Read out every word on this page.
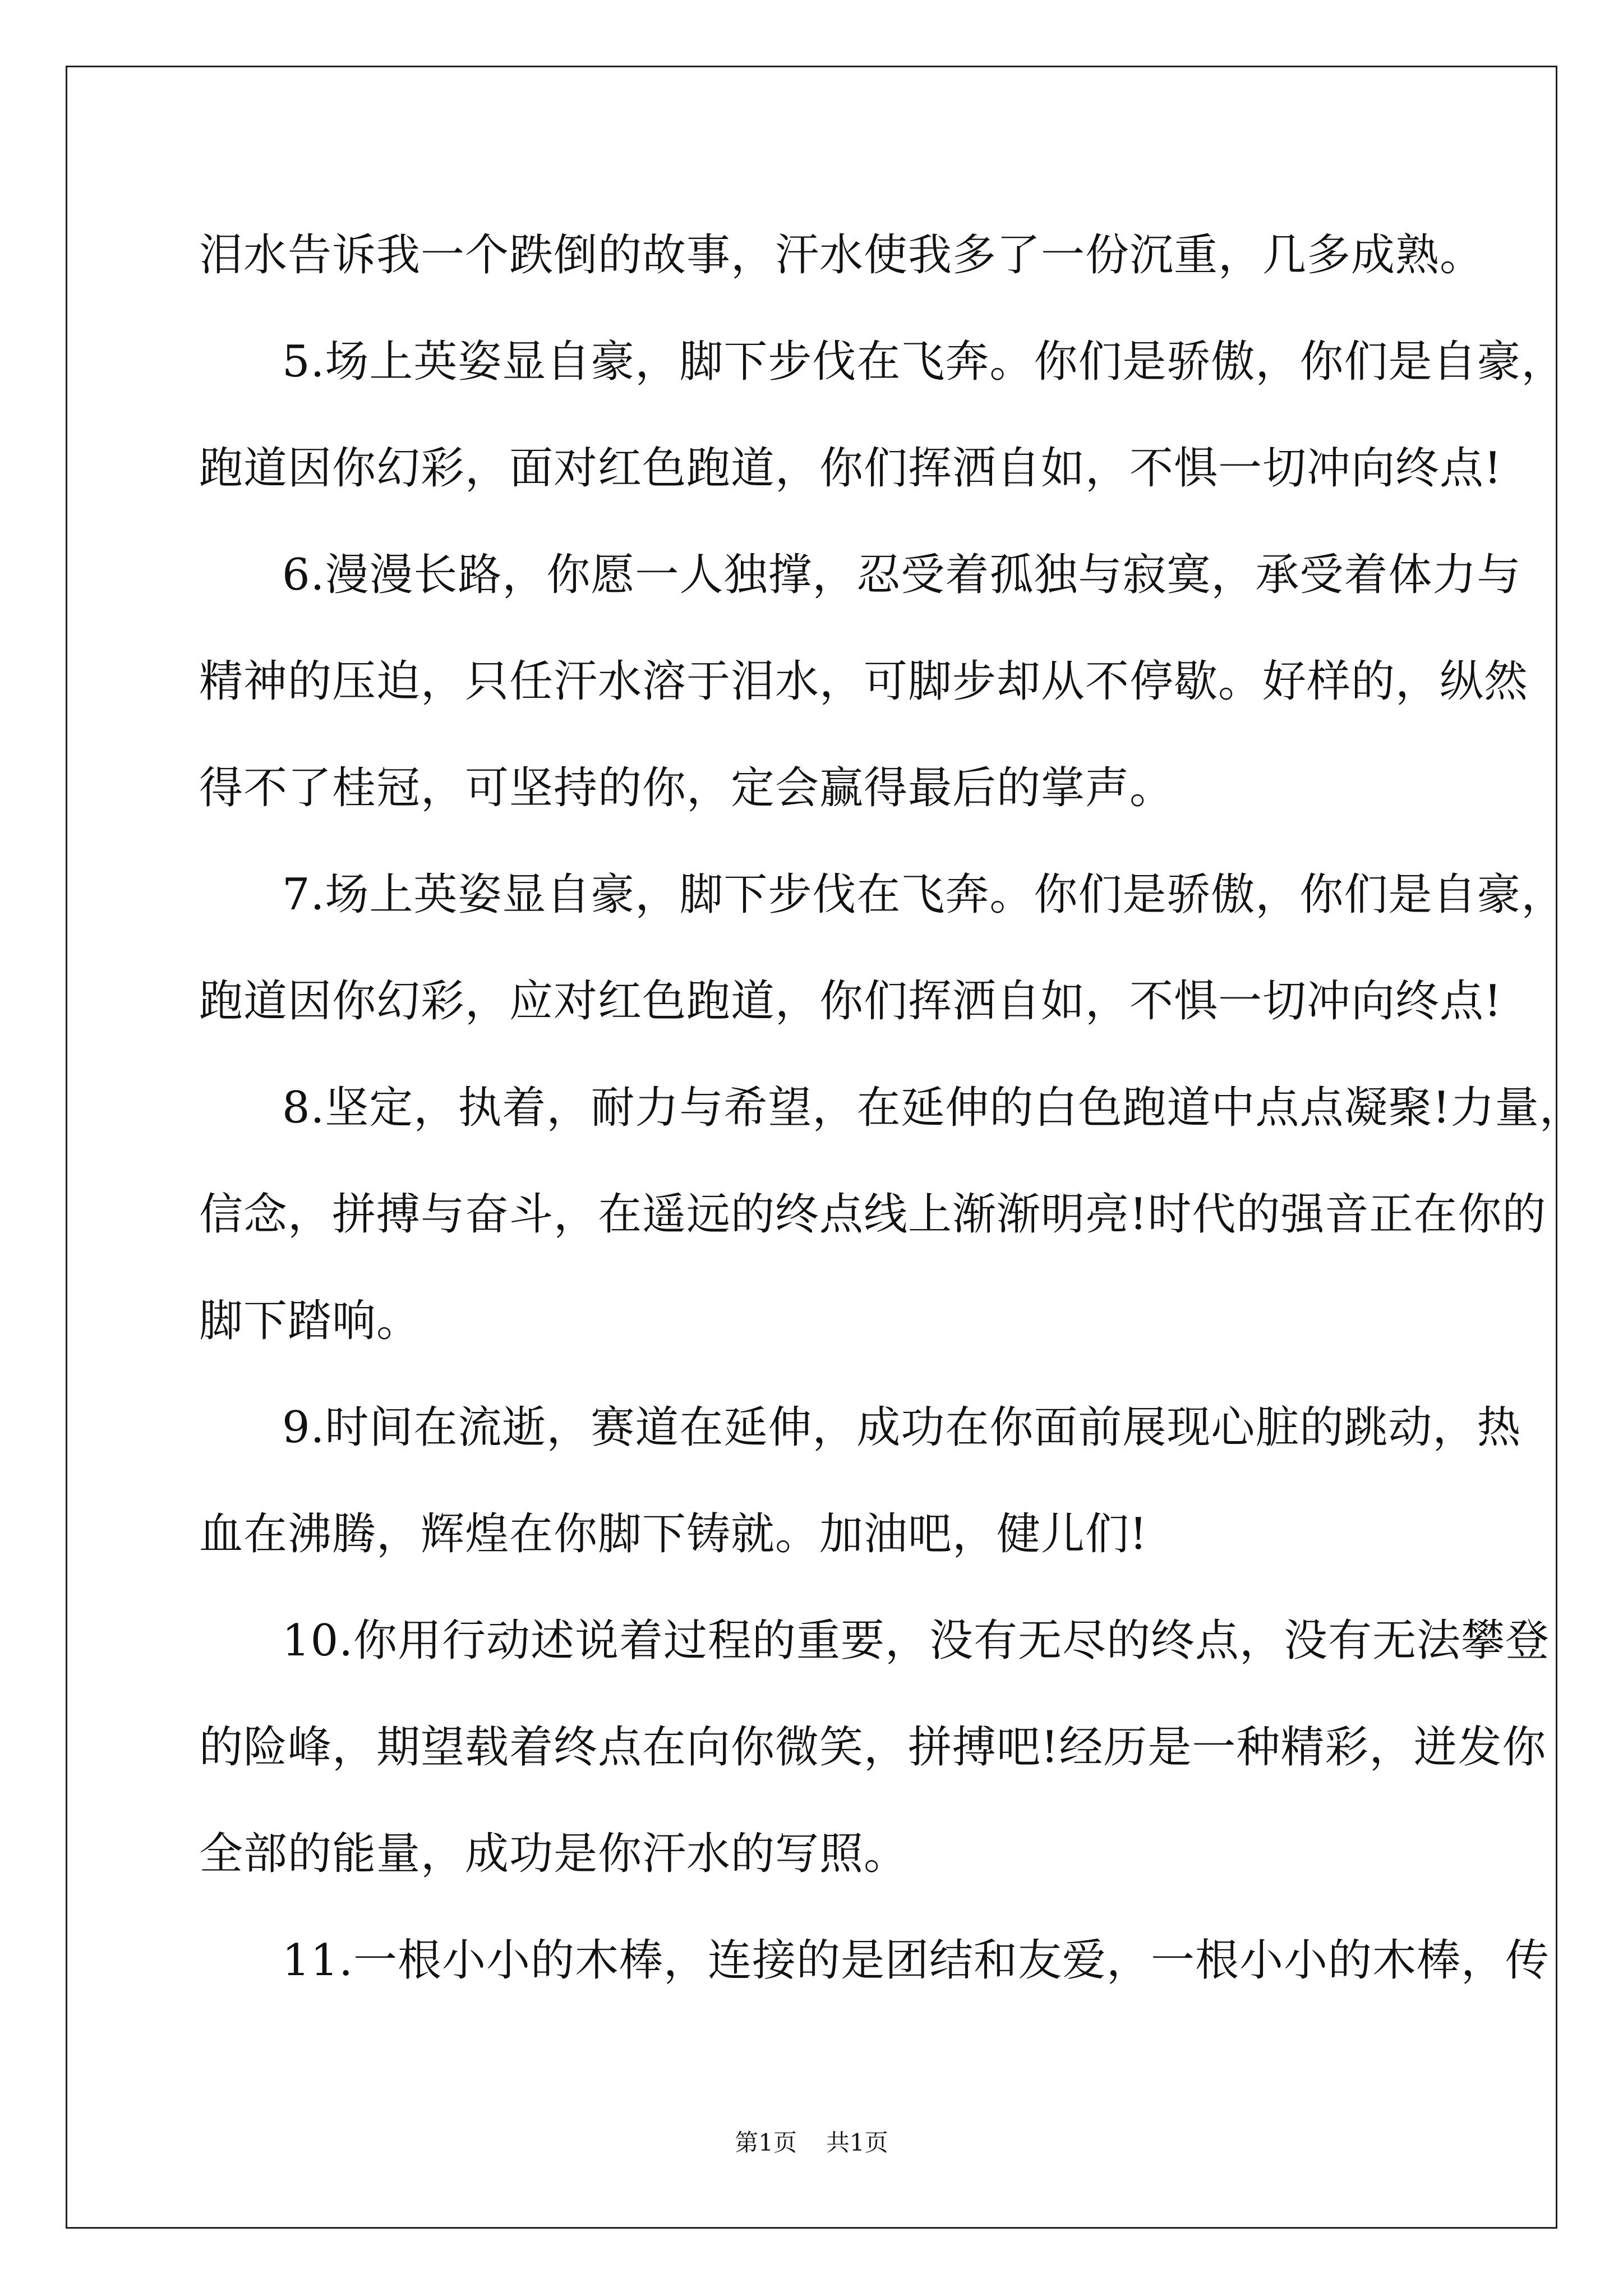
泪水告诉我一个跌倒的故事，汗水使我多了一份沉重，几多成熟。
5.场上英姿显自豪，脚下步伐在飞奔。你们是骄傲，你们是自豪，
跑道因你幻彩，面对红色跑道，你们挥洒自如，不惧一切冲向终点!
6.漫漫长路，你愿一人独撑，忍受着孤独与寂寞，承受着体力与
精神的压迫，只任汗水溶于泪水，可脚步却从不停歇。好样的，纵然
得不了桂冠，可坚持的你，定会赢得最后的掌声。
7.场上英姿显自豪，脚下步伐在飞奔。你们是骄傲，你们是自豪，
跑道因你幻彩，应对红色跑道，你们挥洒自如，不惧一切冲向终点!
8.坚定，执着，耐力与希望，在延伸的白色跑道中点点凝聚!力量，
信念，拼搏与奋斗，在遥远的终点线上渐渐明亮!时代的强音正在你的
脚下踏响。
9.时间在流逝，赛道在延伸，成功在你面前展现心脏的跳动，热
血在沸腾，辉煌在你脚下铸就。加油吧，健儿们!
10.你用行动述说着过程的重要，没有无尽的终点，没有无法攀登
的险峰，期望载着终点在向你微笑，拼搏吧!经历是一种精彩，迸发你
全部的能量，成功是你汗水的写照。
11.一根小小的木棒，连接的是团结和友爱，一根小小的木棒，传
第1页 共1页
